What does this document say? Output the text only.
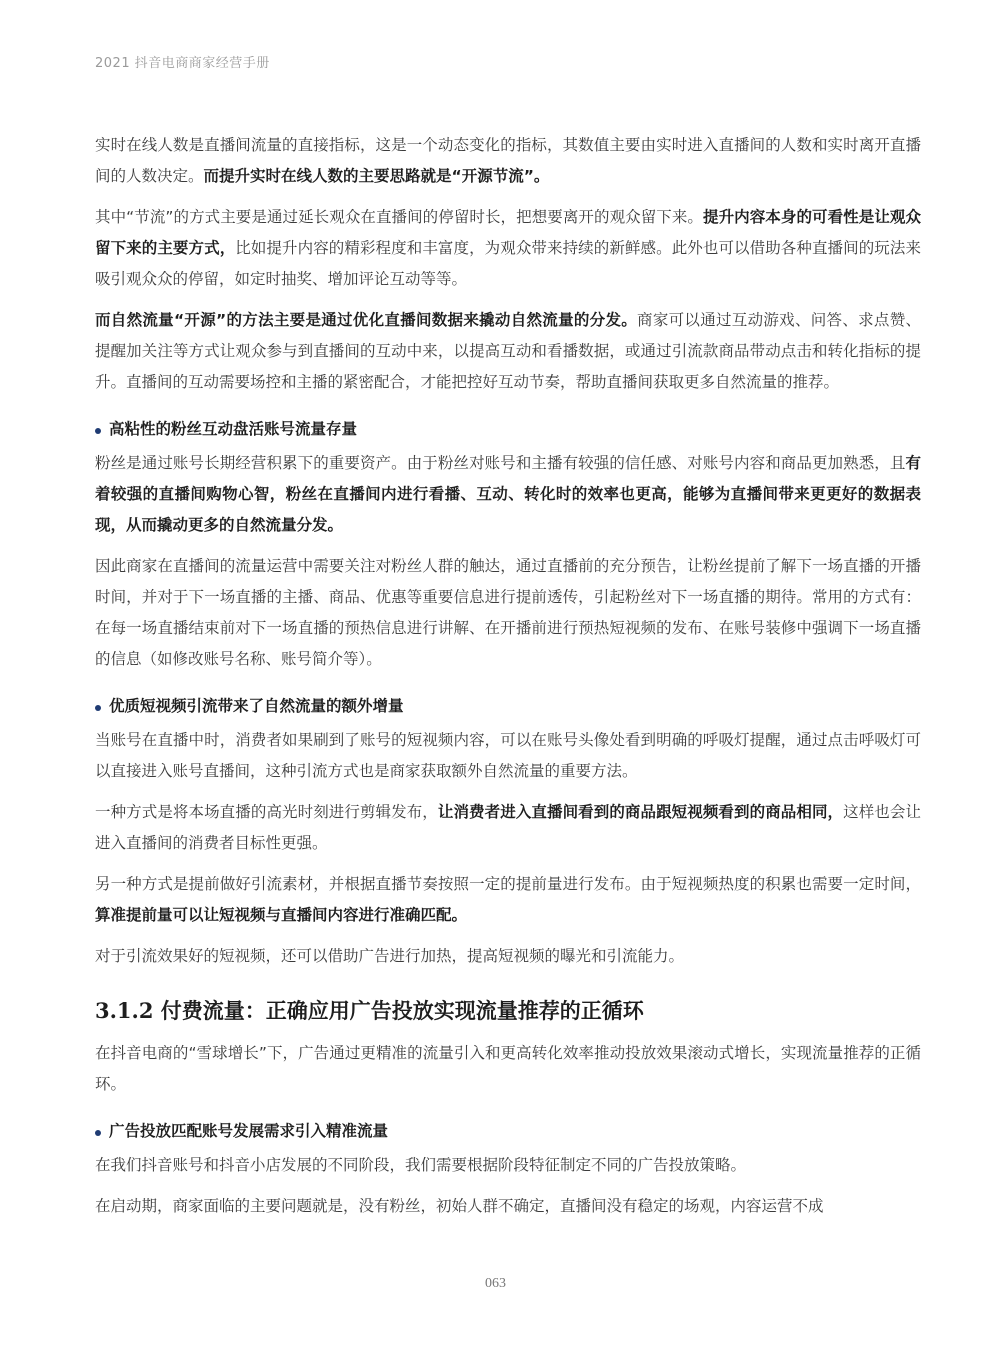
2021 抖音电商商家经营手册

实时在线人数是直播间流量的直接指标，这是一个动态变化的指标，其数值主要由实时进入直播间的人数和实时离开直播间的人数决定。而提升实时在线人数的主要思路就是“开源节流”。

其中“节流”的方式主要是通过延长观众在直播间的停留时长，把想要离开的观众留下来。提升内容本身的可看性是让观众留下来的主要方式，比如提升内容的精彩程度和丰富度，为观众带来持续的新鲜感。此外也可以借助各种直播间的玩法来吸引观众众的停留，如定时抽奖、增加评论互动等等。

而自然流量“开源”的方法主要是通过优化直播间数据来撬动自然流量的分发。商家可以通过互动游戏、问答、求点赞、提醒加关注等方式让观众参与到直播间的互动中来，以提高互动和看播数据，或通过引流款商品带动点击和转化指标的提升。直播间的互动需要场控和主播的紧密配合，才能把控好互动节奏，帮助直播间获取更多自然流量的推荐。

高粘性的粉丝互动盘活账号流量存量

粉丝是通过账号长期经营积累下的重要资产。由于粉丝对账号和主播有较强的信任感、对账号内容和商品更加熟悉，且有着较强的直播间购物心智，粉丝在直播间内进行看播、互动、转化时的效率也更高，能够为直播间带来更更好的数据表现，从而撬动更多的自然流量分发。

因此商家在直播间的流量运营中需要关注对粉丝人群的触达，通过直播前的充分预告，让粉丝提前了解下一场直播的开播时间，并对于下一场直播的主播、商品、优惠等重要信息进行提前透传，引起粉丝对下一场直播的期待。常用的方式有：在每一场直播结束前对下一场直播的预热信息进行讲解、在开播前进行预热短视频的发布、在账号装修中强调下一场直播的信息（如修改账号名称、账号简介等）。

优质短视频引流带来了自然流量的额外增量

当账号在直播中时，消费者如果刷到了账号的短视频内容，可以在账号头像处看到明确的呼吸灯提醒，通过点击呼吸灯可以直接进入账号直播间，这种引流方式也是商家获取额外自然流量的重要方法。

一种方式是将本场直播的高光时刻进行剪辑发布，让消费者进入直播间看到的商品跟短视频看到的商品相同，这样也会让进入直播间的消费者目标性更强。

另一种方式是提前做好引流素材，并根据直播节奏按照一定的提前量进行发布。由于短视频热度的积累也需要一定时间，算准提前量可以让短视频与直播间内容进行准确匹配。

对于引流效果好的短视频，还可以借助广告进行加热，提高短视频的曝光和引流能力。

3.1.2 付费流量：正确应用广告投放实现流量推荐的正循环

在抖音电商的“雪球增长”下，广告通过更精准的流量引入和更高转化效率推动投放效果滚动式增长，实现流量推荐的正循环。

广告投放匹配账号发展需求引入精准流量

在我们抖音账号和抖音小店发展的不同阶段，我们需要根据阶段特征制定不同的广告投放策略。

在启动期，商家面临的主要问题就是，没有粉丝，初始人群不确定，直播间没有稳定的场观，内容运营不成

063
